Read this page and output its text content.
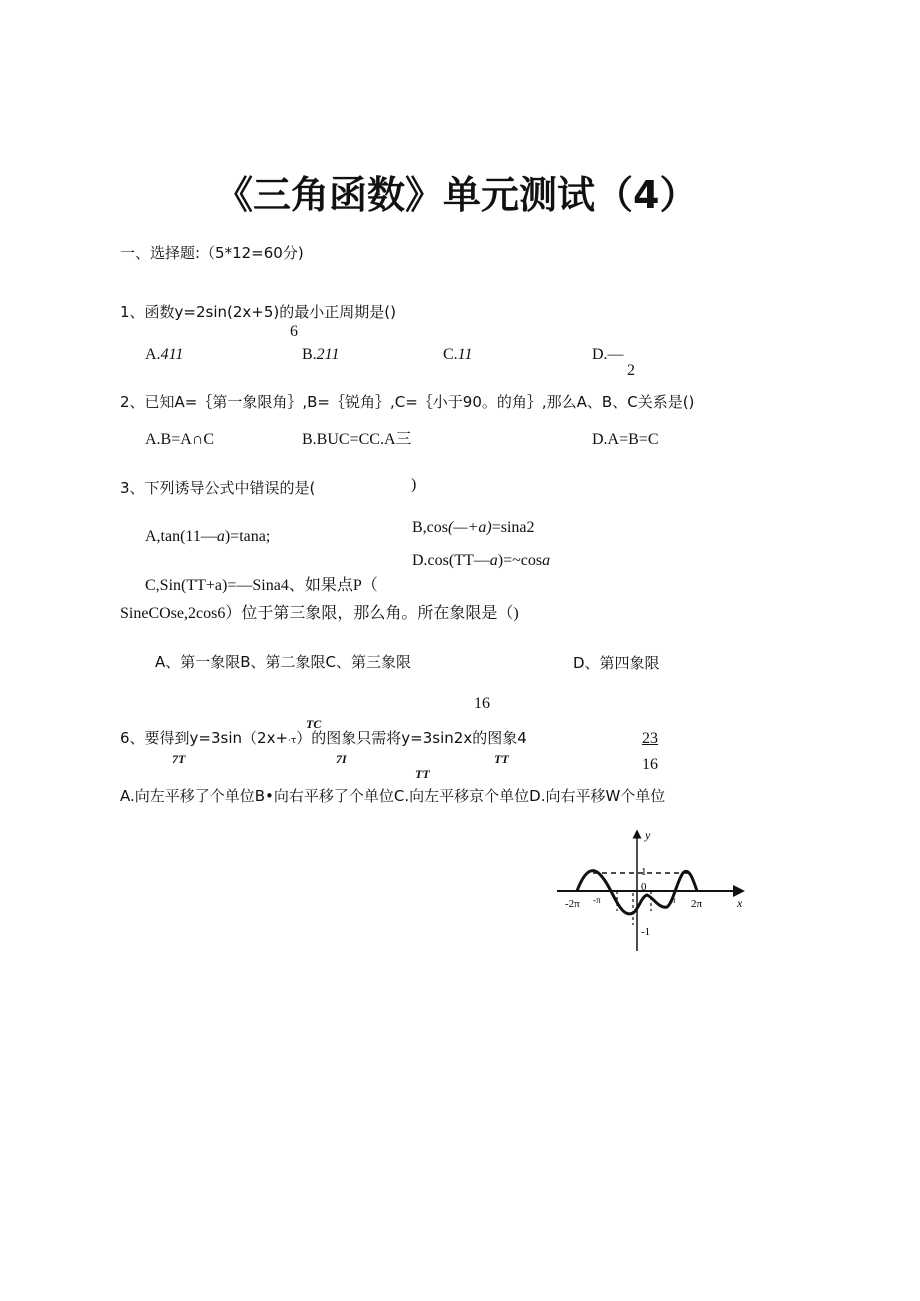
《三角函数》单元测试（4）
一、选择题:（5*12=60分)
1、函数y=2sin(2x+5)的最小正周期是()
6
A.411	B.211	C.11	D.—
2
2、已知A=｛第一象限角｝,B=｛锐角｝,C=｛小于90。的角｝,那么A、B、C关系是()
A.B=A∩C	B.BUC=CC.A三	D.A=B=C
3、下列诱导公式中错误的是(	)
B,cos(—+a)=sina2
A,tan(11—a)=tana;
D.cos(TT—a)=~cosa
C,Sin(TT+a)=—Sina4、如果点P（
SineCOse,2cos6）位于第三象限，那么角。所在象限是（)
A、第一象限B、第二象限C、第三象限	D、第四象限
16
TC
6、要得到y=3sin（2x+·τ）的图象只需将y=3sin2x的图象4	23
7T	7I	TT	16
TT
A.向左平移了个单位B•向右平移了个单位C.向左平移京个单位D.向右平移W个单位
y
x
1
-1
0
-2π -π	π 2π
